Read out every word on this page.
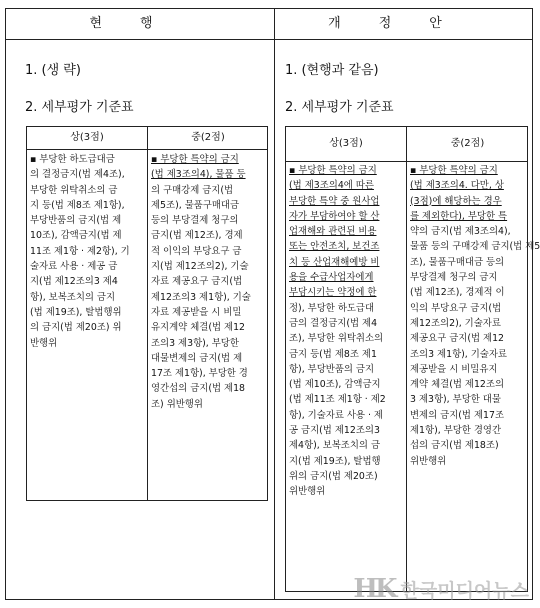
현행	개정안
1. (생 략)
2. 세부평가 기준표
상(3점)	중(2점)
▪ 부당한 하도급대금
의 결정금지(법 제4조),
부당한 위탁취소의 금
지 등(법 제8조 제1항),
부당반품의 금지(법 제
10조), 감액금지(법 제
11조 제1항 · 제2항), 기
술자료 사용 · 제공 금
지(법 제12조의3 제4
항), 보복조치의 금지
(법 제19조), 탈법행위
의 금지(법 제20조) 위
반행위
▪ 부당한 특약의 금지
(법 제3조의4), 물품 등
의 구매강제 금지(법
제5조), 물품구매대금
등의 부당결제 청구의
금지(법 제12조), 경제
적 이익의 부당요구 금
지(법 제12조의2), 기술
자료 제공요구 금지(법
제12조의3 제1항), 기술
자료 제공받을 시 비밀
유지계약 체결(법 제12
조의3 제3항), 부당한
대물변제의 금지(법 제
17조 제1항), 부당한 경
영간섭의 금지(법 제18
조) 위반행위
1. (현행과 같음)
2. 세부평가 기준표
상(3점)	중(2점)
▪ 부당한 특약의 금지
(법 제3조의4에 따른
부당한 특약 중 원사업
자가 부담하여야 할 산
업재해와 관련된 비용
또는 안전조치, 보건조
치 등 산업재해예방 비
용을 수급사업자에게
부담시키는 약정에 한
정), 부당한 하도급대
금의 결정금지(법 제4
조), 부당한 위탁취소의
금지 등(법 제8조 제1
항), 부당반품의 금지
(법 제10조), 감액금지
(법 제11조 제1항 · 제2
항), 기술자료 사용 · 제
공 금지(법 제12조의3
제4항), 보복조치의 금
지(법 제19조), 탈법행
위의 금지(법 제20조)
위반행위
▪ 부당한 특약의 금지
(법 제3조의4. 다만, 상
(3점)에 해당하는 경우
를 제외한다), 부당한 특
약의 금지(법 제3조의4),
물품 등의 구매강제 금지(법 제5
조), 물품구매대금 등의
부당결제 청구의 금지
(법 제12조), 경제적 이
익의 부당요구 금지(법
제12조의2), 기술자료
제공요구 금지(법 제12
조의3 제1항), 기술자료
제공받을 시 비밀유지
계약 체결(법 제12조의
3 제3항), 부당한 대물
변제의 금지(법 제17조
제1항), 부당한 경영간
섭의 금지(법 제18조)
위반행위
HK 한국미디어뉴스
